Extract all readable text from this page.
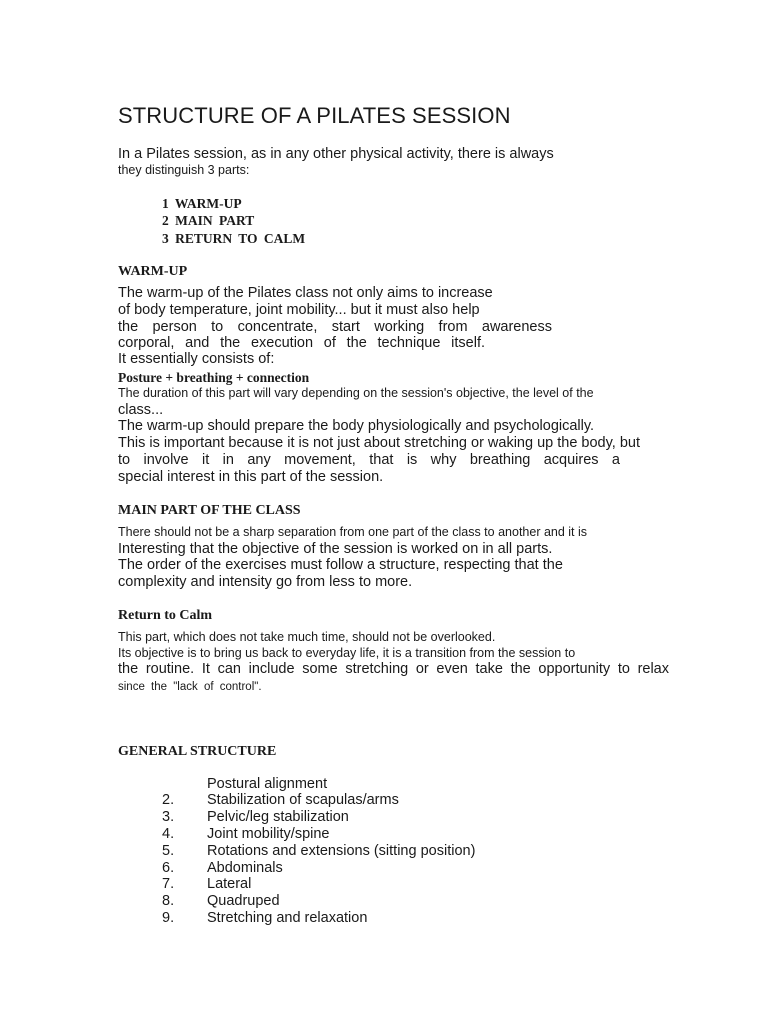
STRUCTURE OF A PILATES SESSION
In a Pilates session, as in any other physical activity, there is always
they distinguish 3 parts:
1 WARM-UP
2 MAIN PART
3 RETURN TO CALM
WARM-UP
The warm-up of the Pilates class not only aims to increase
of body temperature, joint mobility... but it must also help
the person to concentrate, start working from awareness
corporal, and the execution of the technique itself.
It essentially consists of:
Posture + breathing + connection
The duration of this part will vary depending on the session's objective, the level of the
class...
The warm-up should prepare the body physiologically and psychologically.
This is important because it is not just about stretching or waking up the body, but
to involve it in any movement, that is why breathing acquires a
special interest in this part of the session.
MAIN PART OF THE CLASS
There should not be a sharp separation from one part of the class to another and it is
Interesting that the objective of the session is worked on in all parts.
The order of the exercises must follow a structure, respecting that the
complexity and intensity go from less to more.
Return to Calm
This part, which does not take much time, should not be overlooked.
Its objective is to bring us back to everyday life, it is a transition from the session to
the routine. It can include some stretching or even take the opportunity to relax
since the "lack of control".
GENERAL STRUCTURE
Postural alignment
2. Stabilization of scapulas/arms
3. Pelvic/leg stabilization
4. Joint mobility/spine
5. Rotations and extensions (sitting position)
6. Abdominals
7. Lateral
8. Quadruped
9. Stretching and relaxation
